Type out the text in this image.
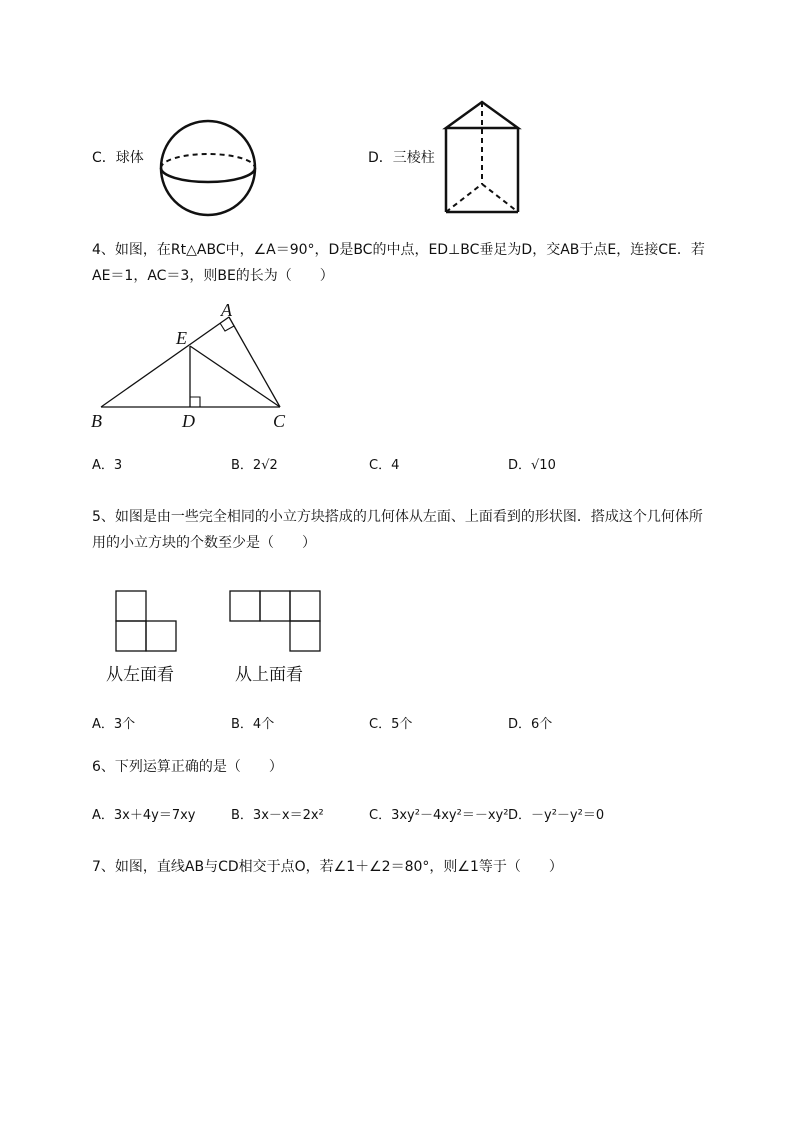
C．球体	D．三棱柱
4、如图，在Rt△ABC中，∠A＝90°，D是BC的中点，ED⊥BC垂足为D，交AB于点E，连接CE．若
AE＝1，AC＝3，则BE的长为（　　）
A
E
B	D	C
A．3	B．2√2	C．4	D．√10
5、如图是由一些完全相同的小立方块搭成的几何体从左面、上面看到的形状图．搭成这个几何体所
用的小立方块的个数至少是（　　）
从左面看	从上面看
A．3个	B．4个	C．5个	D．6个
6、下列运算正确的是（　　）
A．3x＋4y＝7xy	B．3x－x＝2x²	C．3xy²－4xy²＝－xy² D．－y²－y²＝0
7、如图，直线AB与CD相交于点O，若∠1＋∠2＝80°，则∠1等于（　　）
